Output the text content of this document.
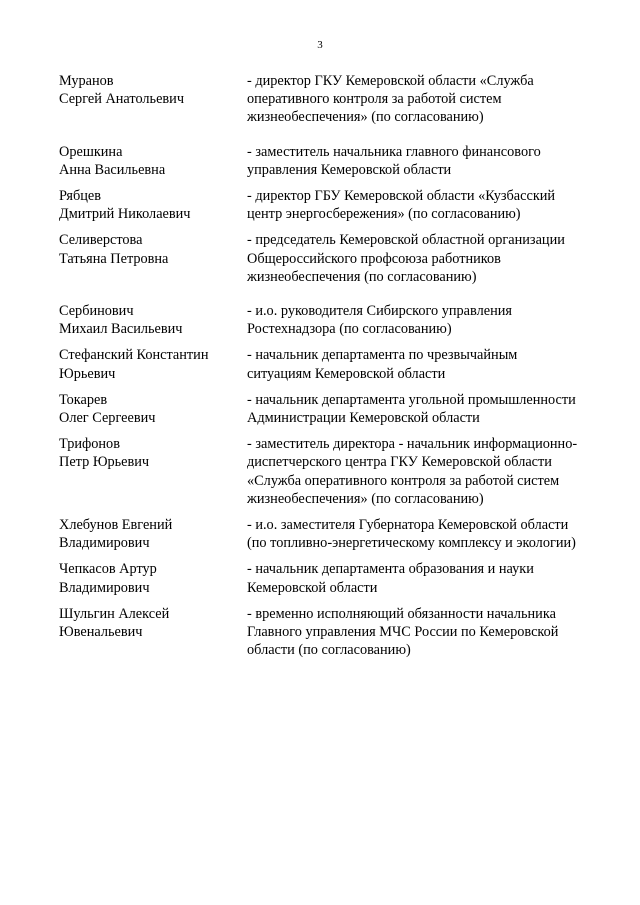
3
Муранов
Сергей Анатольевич
- директор ГКУ Кемеровской области «Служба
оперативного контроля за работой систем
жизнеобеспечения» (по согласованию)
Орешкина
Анна Васильевна
- заместитель начальника главного финансового
управления Кемеровской области
Рябцев
Дмитрий Николаевич
- директор ГБУ Кемеровской области «Кузбасский
центр энергосбережения» (по согласованию)
Селиверстова
Татьяна Петровна
- председатель Кемеровской областной организации
Общероссийского профсоюза работников
жизнеобеспечения (по согласованию)
Сербинович
Михаил Васильевич
- и.о. руководителя Сибирского управления
Ростехнадзора (по согласованию)
Стефанский Константин
Юрьевич
- начальник департамента по чрезвычайным
ситуациям Кемеровской области
Токарев
Олег Сергеевич
- начальник департамента угольной промышленности
Администрации Кемеровской области
Трифонов
Петр Юрьевич
- заместитель директора - начальник информационно-
диспетчерского центра ГКУ Кемеровской области
«Служба оперативного контроля за работой систем
жизнеобеспечения» (по согласованию)
Хлебунов Евгений
Владимирович
- и.о. заместителя Губернатора Кемеровской области
(по топливно-энергетическому комплексу и экологии)
Чепкасов Артур
Владимирович
- начальник департамента образования и науки
Кемеровской области
Шульгин Алексей
Ювенальевич
- временно исполняющий обязанности начальника
Главного управления МЧС России по Кемеровской
области (по согласованию)
